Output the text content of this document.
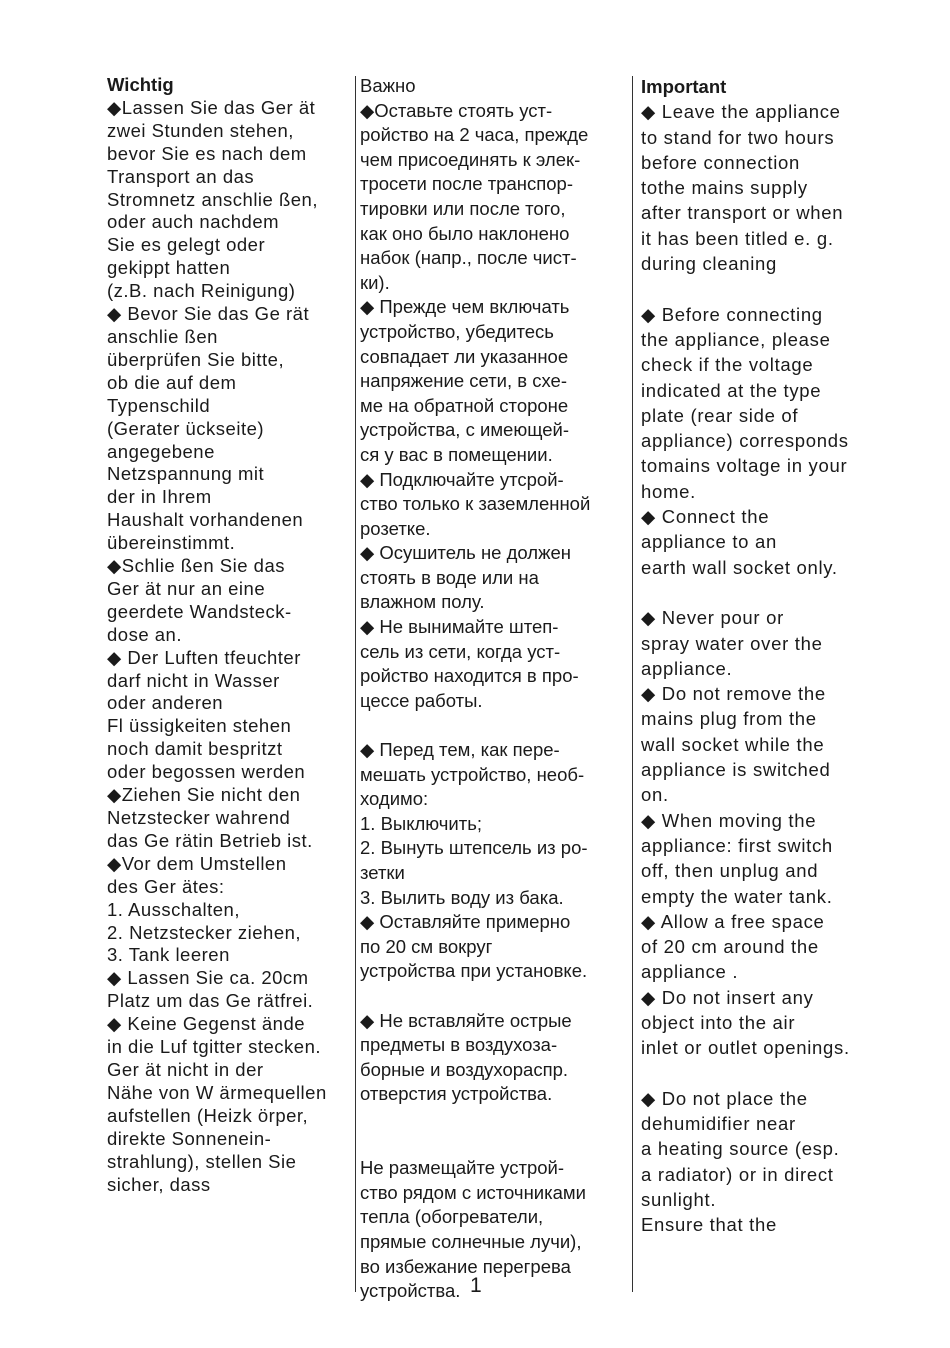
Wichtig
◆Lassen Sie das Ger ät
zwei Stunden stehen,
bevor Sie es nach dem
Transport an das
Stromnetz anschlie ßen,
oder auch nachdem
Sie es gelegt oder
gekippt hatten
(z.B. nach Reinigung)
◆ Bevor Sie das Ge rät
anschlie ßen
überprüfen Sie bitte,
ob die auf dem
Typenschild
(Gerater ückseite)
angegebene
Netzspannung mit
der in Ihrem
Haushalt vorhandenen
übereinstimmt.
◆Schlie ßen Sie das
Ger ät nur an eine
geerdete Wandsteck-
dose an.
◆ Der Luften tfeuchter
darf nicht in Wasser
oder anderen
Fl üssigkeiten stehen
noch damit bespritzt
oder begossen werden
◆Ziehen Sie nicht den
Netzstecker wahrend
das Ge rätin Betrieb ist.
◆Vor dem Umstellen
des Ger ätes:
1. Ausschalten,
2. Netzstecker ziehen,
3. Tank leeren
◆ Lassen Sie ca. 20cm
Platz um das Ge rätfrei.
◆ Keine Gegenst ände
in die Luf tgitter stecken.
Ger ät nicht in der
Nähe von W ärmequellen
aufstellen (Heizk örper,
direkte Sonnenein-
strahlung), stellen Sie
sicher, dass
Важно
◆Оставьте стоять уст-
ройство на 2 часа, прежде
чем присоединять к элек-
тросети после транспор-
тировки или после того,
как оно было наклонено
набок (напр., после чист-
ки).
◆ Прежде чем включать
устройство, убедитесь
совпадает ли указанное
напряжение сети, в схе-
ме на обратной стороне
устройства, с имеющей-
ся у вас в помещении.
◆ Подключайте утсрой-
ство только к заземленной
розетке.
◆ Осушитель не должен
стоять в воде или на
влажном полу.
◆ Не вынимайте штеп-
сель из сети, когда уст-
ройство находится в про-
цессе работы.

◆ Перед тем, как пере-
мешать устройство, необ-
ходимо:
1. Выключить;
2. Вынуть штепсель из ро-
зетки
3. Вылить воду из бака.
◆ Оставляйте примерно
по 20 см вокруг
устройства при установке.

◆ Не вставляйте острые
предметы в воздухоза-
борные и воздухораспр.
отверстия устройства.

Не размещайте устрой-
ство рядом с источниками
тепла (обогреватели,
прямые солнечные лучи),
во избежание перегрева
устройства.
Important
◆ Leave the appliance
to stand for two hours
before connection
tothe mains supply
after transport or when
it has been titled e. g.
during cleaning

◆ Before connecting
the appliance, please
check if the voltage
indicated at the type
plate (rear side of
appliance) corresponds
tomains voltage in your
home.
◆ Connect the
appliance to an
earth wall socket only.

◆ Never pour or
spray water over the
appliance.
◆ Do not remove the
mains plug from the
wall socket while the
appliance is switched
on.
◆ When moving the
appliance: first switch
off, then unplug and
empty the water tank.
◆ Allow a free space
of 20 cm around the
appliance .
◆ Do not insert any
object into the air
inlet or outlet openings.

◆ Do not place the
dehumidifier near
a heating source (esp.
a radiator) or in direct
sunlight.
Ensure that the
1
